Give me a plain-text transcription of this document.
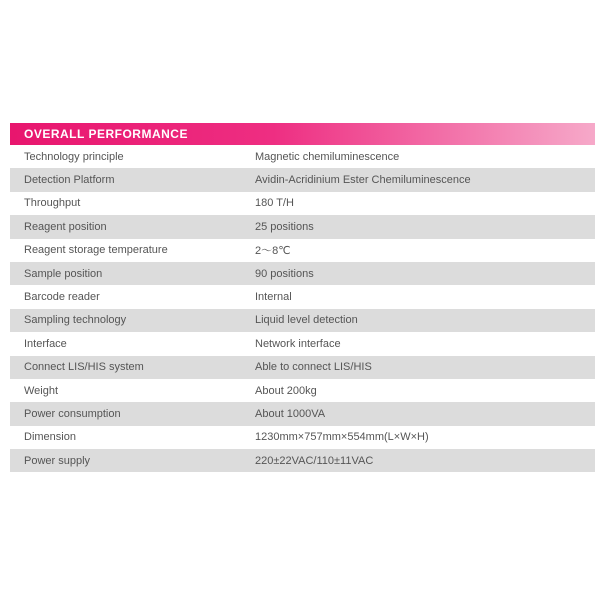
OVERALL PERFORMANCE
Technology principle	Magnetic chemiluminescence
Detection Platform	Avidin-Acridinium Ester Chemiluminescence
Throughput	180 T/H
Reagent position	25 positions
Reagent storage temperature	2～8℃
Sample position	90 positions
Barcode reader	Internal
Sampling technology	Liquid level detection
Interface	Network interface
Connect LIS/HIS system	Able to connect LIS/HIS
Weight	About 200kg
Power consumption	About 1000VA
Dimension	1230mm×757mm×554mm(L×W×H)
Power supply	220±22VAC/110±11VAC
